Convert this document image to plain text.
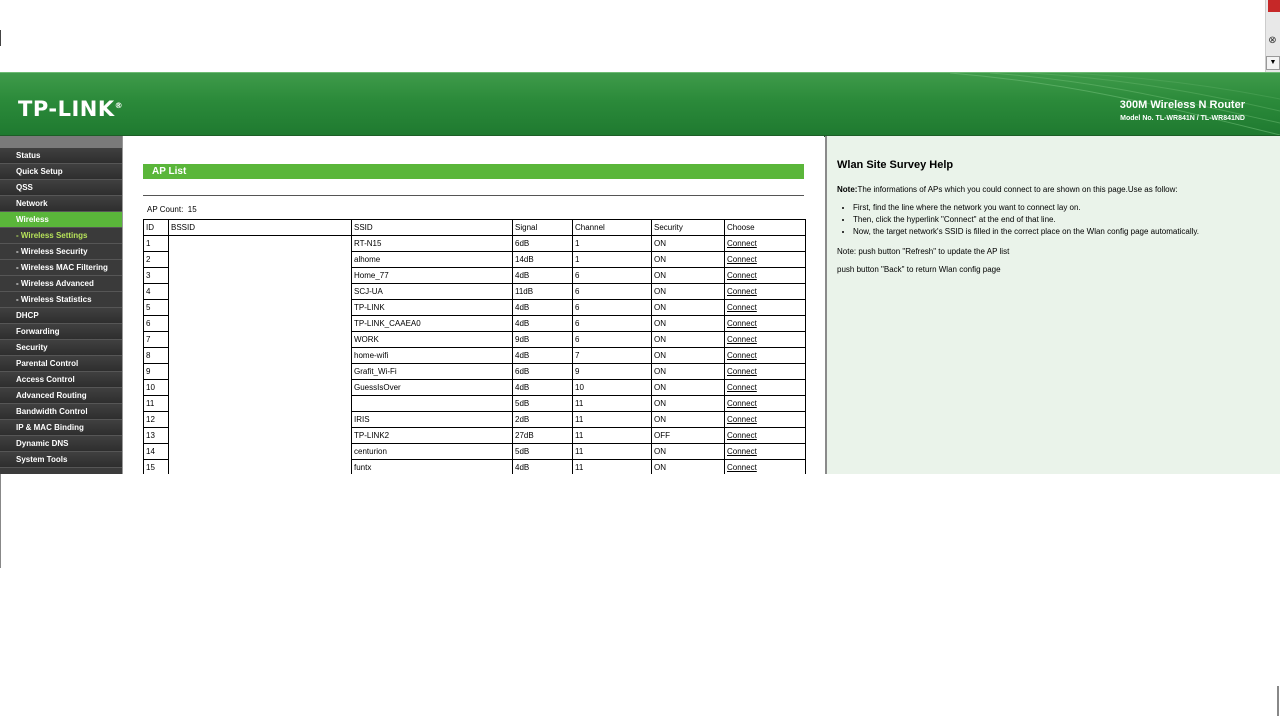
⊗
▼
TP-LINK®	300M Wireless N Router
Model No. TL-WR841N / TL-WR841ND
Status
Quick Setup
QSS
Network
Wireless
- Wireless Settings
- Wireless Security
- Wireless MAC Filtering
- Wireless Advanced
- Wireless Statistics
DHCP
Forwarding
Security
Parental Control
Access Control
Advanced Routing
Bandwidth Control
IP & MAC Binding
Dynamic DNS
System Tools
AP List
AP Count: 15
ID	BSSID	SSID	Signal	Channel	Security	Choose
1		RT-N15	6dB	1	ON	Connect
2		alhome	14dB	1	ON	Connect
3		Home_77	4dB	6	ON	Connect
4		SCJ-UA	11dB	6	ON	Connect
5		TP-LINK	4dB	6	ON	Connect
6		TP-LINK_CAAEA0	4dB	6	ON	Connect
7		WORK	9dB	6	ON	Connect
8		home-wifi	4dB	7	ON	Connect
9		Grafit_Wi-Fi	6dB	9	ON	Connect
10		GuessIsOver	4dB	10	ON	Connect
11			5dB	11	ON	Connect
12		IRIS	2dB	11	ON	Connect
13		TP-LINK2	27dB	11	OFF	Connect
14		centurion	5dB	11	ON	Connect
15		funtx	4dB	11	ON	Connect
Wlan Site Survey Help
Note:The informations of APs which you could connect to are shown on this page.Use as follow:
• First, find the line where the network you want to connect lay on.
• Then, click the hyperlink "Connect" at the end of that line.
• Now, the target network's SSID is filled in the correct place on the Wlan config page automatically.
Note: push button "Refresh" to update the AP list
push button "Back" to return Wlan config page
